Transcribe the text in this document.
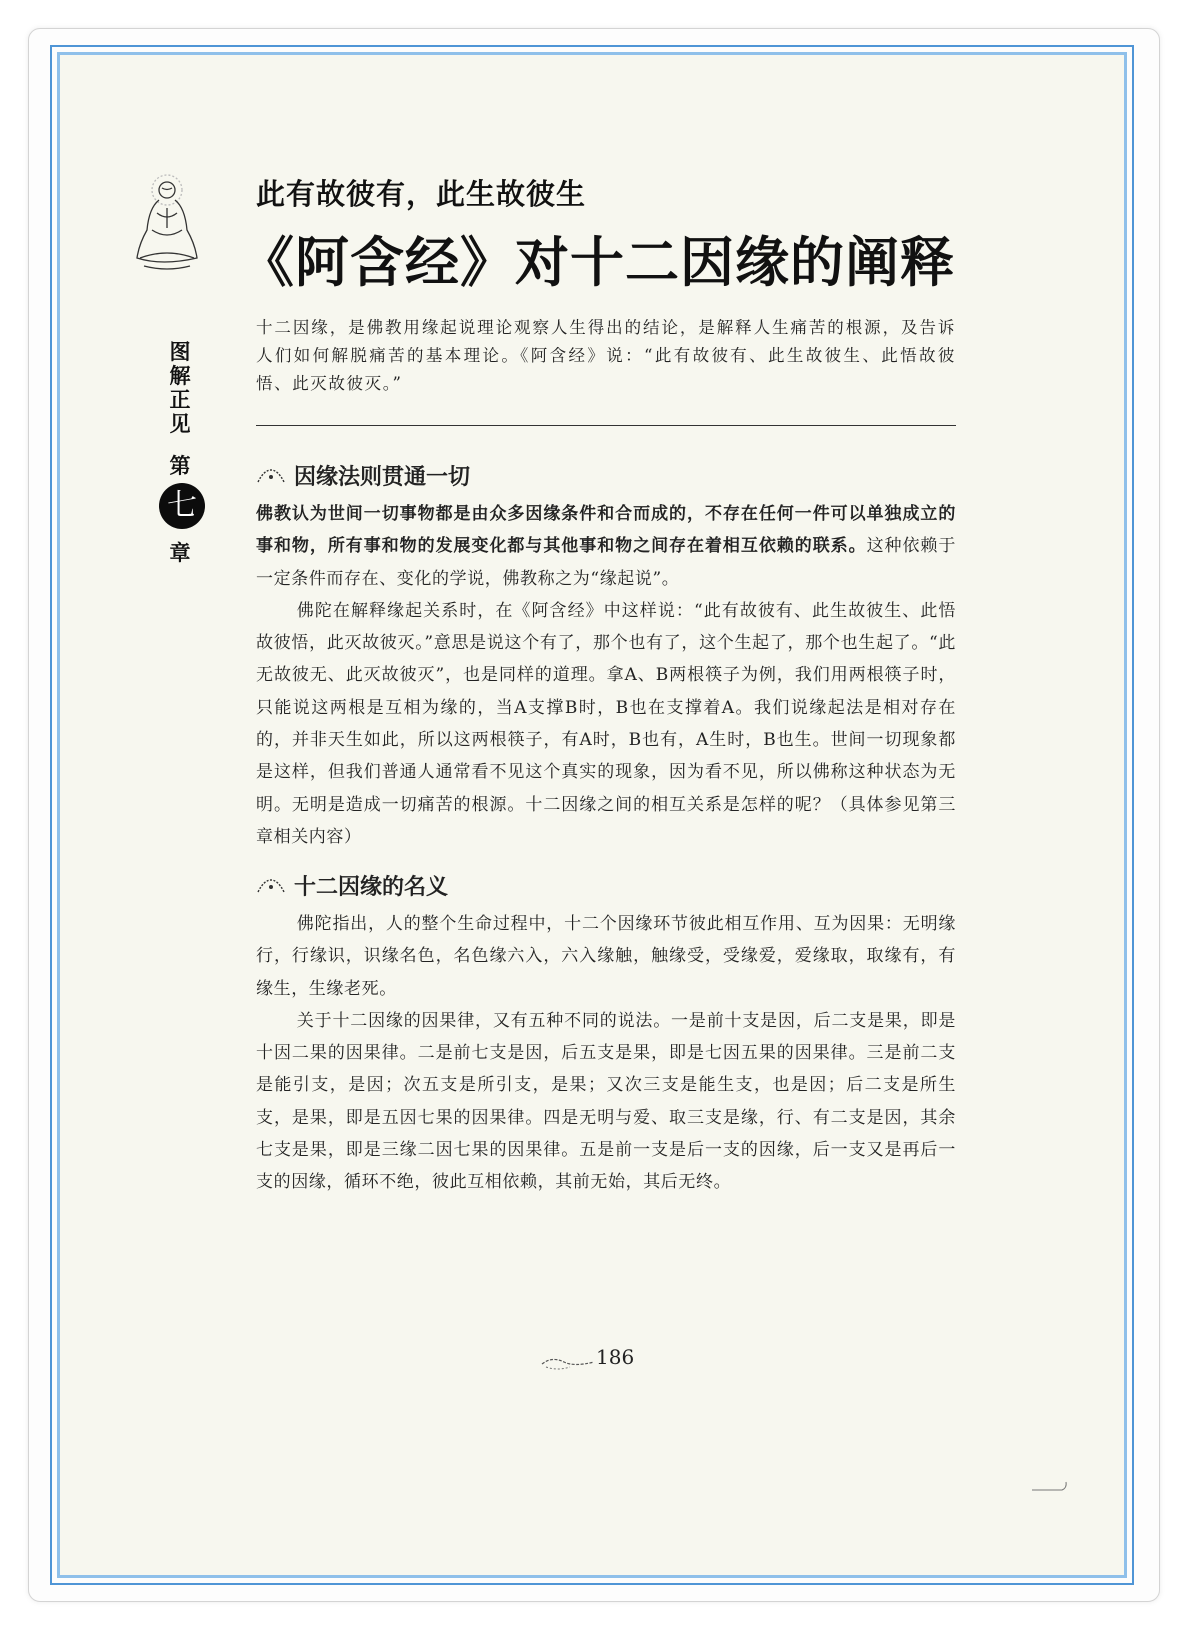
图
解
正
见
第
七
章
此有故彼有，此生故彼生
《阿含经》对十二因缘的阐释
十二因缘，是佛教用缘起说理论观察人生得出的结论，是解释人生痛苦的根源，及告诉人们如何解脱痛苦的基本理论。《阿含经》说：“此有故彼有、此生故彼生、此悟故彼悟、此灭故彼灭。”
因缘法则贯通一切

佛教认为世间一切事物都是由众多因缘条件和合而成的，不存在任何一件可以单独成立的事和物，所有事和物的发展变化都与其他事和物之间存在着相互依赖的联系。

这种依赖于一定条件而存在、变化的学说，佛教称之为“缘起说”。

佛陀在解释缘起关系时，在《阿含经》中这样说：“此有故彼有、此生故彼生、此悟故彼悟，此灭故彼灭。”意思是说这个有了，那个也有了，这个生起了，那个也生起了。“此无故彼无、此灭故彼灭”，也是同样的道理。拿A、B两根筷子为例，我们用两根筷子时，只能说这两根是互相为缘的，当A支撑B时，B也在支撑着A。我们说缘起法是相对存在的，并非天生如此，所以这两根筷子，有A时，B也有，A生时，B也生。世间一切现象都是这样，但我们普通人通常看不见这个真实的现象，因为看不见，所以佛称这种状态为无明。无明是造成一切痛苦的根源。十二因缘之间的相互关系是怎样的呢？（具体参见第三章相关内容）

十二因缘的名义

佛陀指出，人的整个生命过程中，十二个因缘环节彼此相互作用、互为因果：无明缘行，行缘识，识缘名色，名色缘六入，六入缘触，触缘受，受缘爱，爱缘取，取缘有，有缘生，生缘老死。

关于十二因缘的因果律，又有五种不同的说法。一是前十支是因，后二支是果，即是十因二果的因果律。二是前七支是因，后五支是果，即是七因五果的因果律。三是前二支是能引支，是因；次五支是所引支，是果；又次三支是能生支，也是因；后二支是所生支，是果，即是五因七果的因果律。四是无明与爱、取三支是缘，行、有二支是因，其余七支是果，即是三缘二因七果的因果律。五是前一支是后一支的因缘，后一支又是再后一支的因缘，循环不绝，彼此互相依赖，其前无始，其后无终。

186
